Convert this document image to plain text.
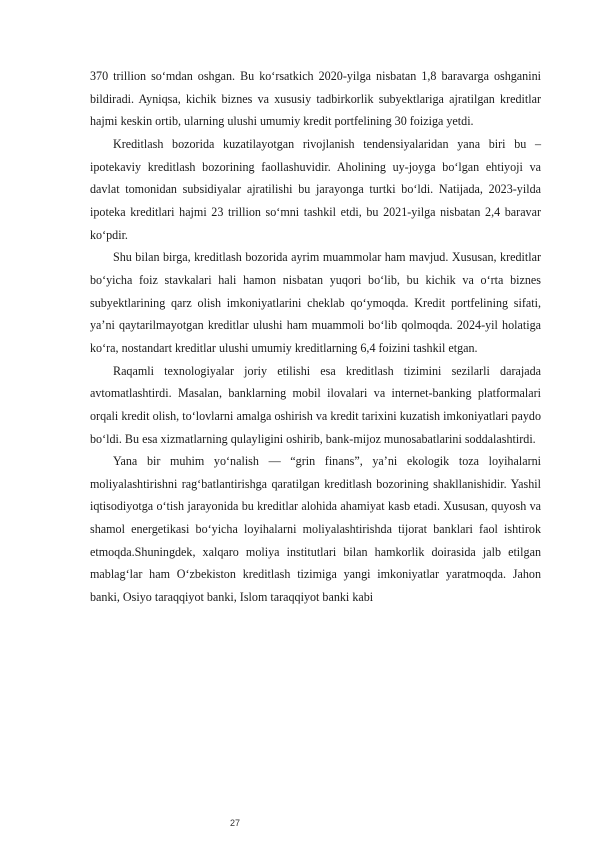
370 trillion so‘mdan oshgan. Bu ko‘rsatkich 2020-yilga nisbatan 1,8 baravarga oshganini bildiradi. Ayniqsa, kichik biznes va xususiy tadbirkorlik subyektlariga ajratilgan kreditlar hajmi keskin ortib, ularning ulushi umumiy kredit portfelining 30 foiziga yetdi.

Kreditlash bozorida kuzatilayotgan rivojlanish tendensiyalaridan yana biri bu – ipotekaviy kreditlash bozorining faollashuvidir. Aholining uy-joyga bo‘lgan ehtiyoji va davlat tomonidan subsidiyalar ajratilishi bu jarayonga turtki bo‘ldi. Natijada, 2023-yilda ipoteka kreditlari hajmi 23 trillion so‘mni tashkil etdi, bu 2021-yilga nisbatan 2,4 baravar ko‘pdir.

Shu bilan birga, kreditlash bozorida ayrim muammolar ham mavjud. Xususan, kreditlar bo‘yicha foiz stavkalari hali hamon nisbatan yuqori bo‘lib, bu kichik va o‘rta biznes subyektlarining qarz olish imkoniyatlarini cheklab qo‘ymoqda. Kredit portfelining sifati, ya’ni qaytarilmayotgan kreditlar ulushi ham muammoli bo‘lib qolmoqda. 2024-yil holatiga ko‘ra, nostandart kreditlar ulushi umumiy kreditlarning 6,4 foizini tashkil etgan.

Raqamli texnologiyalar joriy etilishi esa kreditlash tizimini sezilarli darajada avtomatlashtirdi. Masalan, banklarning mobil ilovalari va internet-banking platformalari orqali kredit olish, to‘lovlarni amalga oshirish va kredit tarixini kuzatish imkoniyatlari paydo bo‘ldi. Bu esa xizmatlarning qulayligini oshirib, bank-mijoz munosabatlarini soddalashtirdi.

Yana bir muhim yo‘nalish — “grin finans”, ya’ni ekologik toza loyihalarni moliyalashtirishni rag‘batlantirishga qaratilgan kreditlash bozorining shakllanishidir. Yashil iqtisodiyotga o‘tish jarayonida bu kreditlar alohida ahamiyat kasb etadi. Xususan, quyosh va shamol energetikasi bo‘yicha loyihalarni moliyalashtirishda tijorat banklari faol ishtirok etmoqda.Shuningdek, xalqaro moliya institutlari bilan hamkorlik doirasida jalb etilgan mablag‘lar ham O‘zbekiston kreditlash tizimiga yangi imkoniyatlar yaratmoqda. Jahon banki, Osiyo taraqqiyot banki, Islom taraqqiyot banki kabi

27
